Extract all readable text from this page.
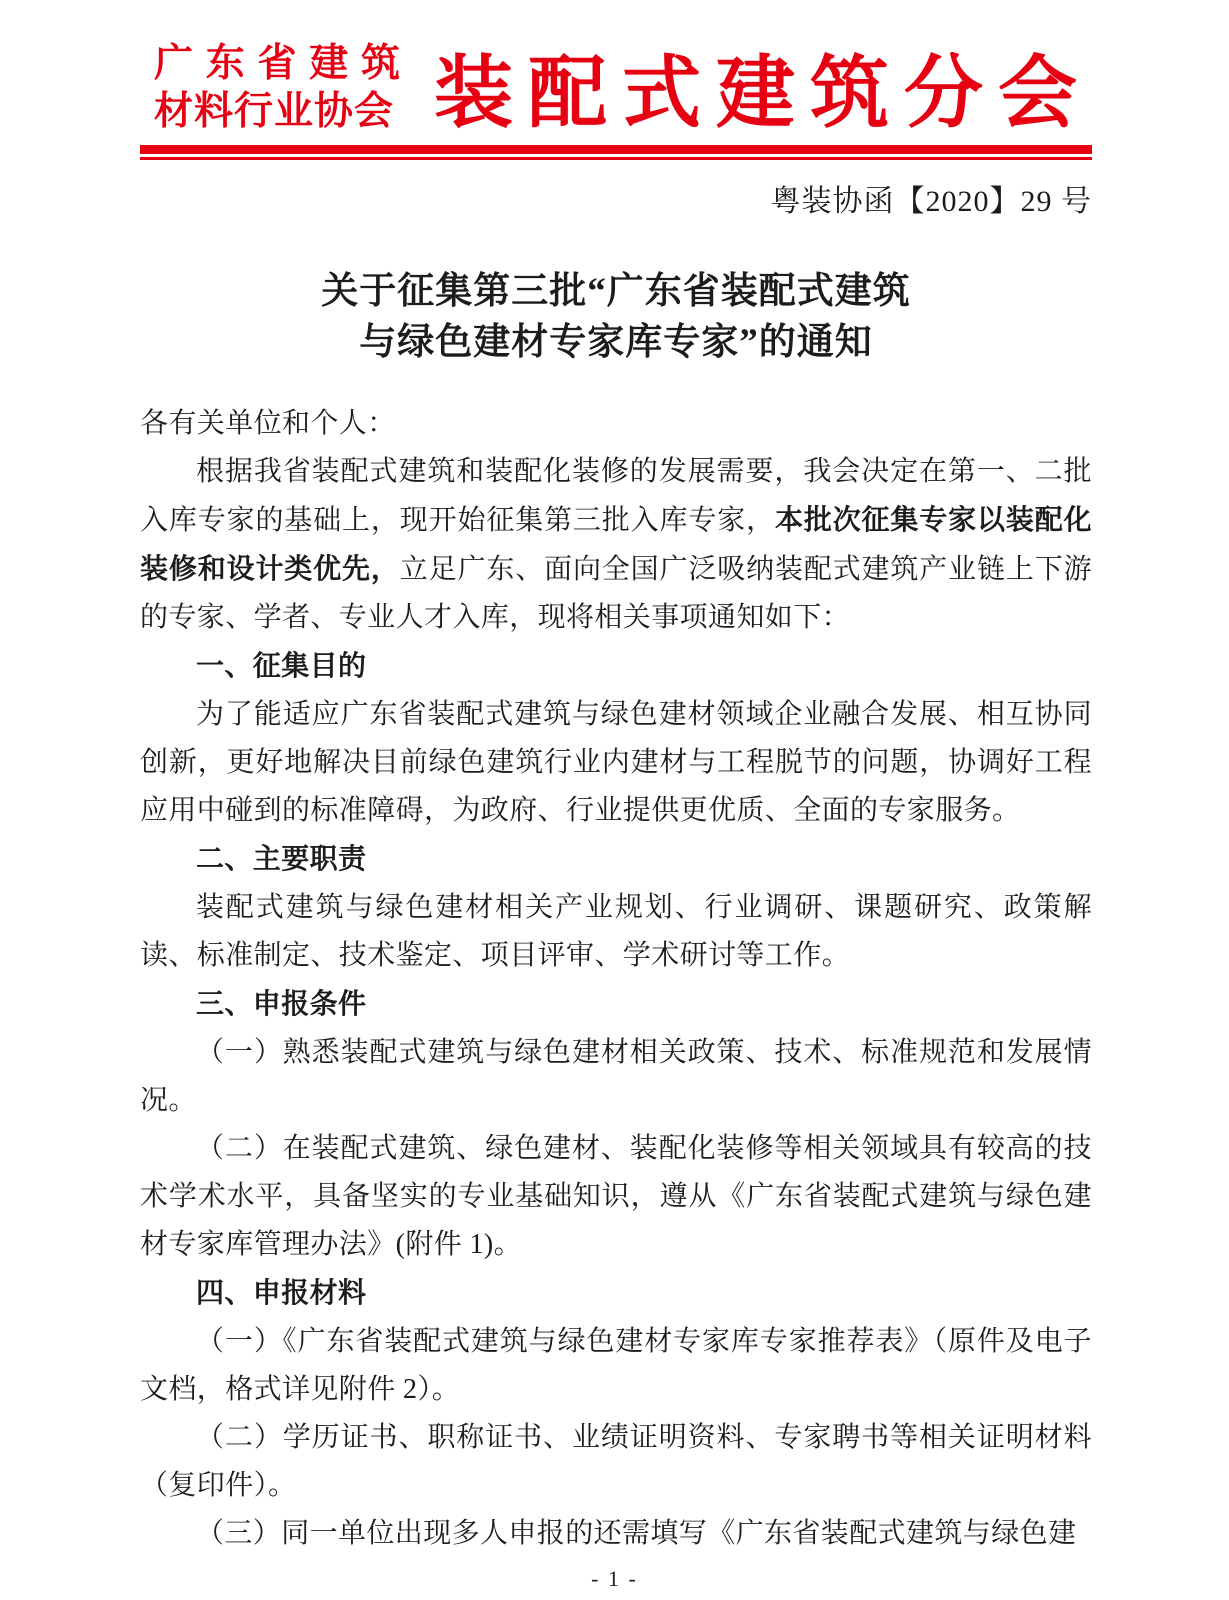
广东省建筑
材料行业协会 装配式建筑分会
粤装协函【2020】29 号
关于征集第三批“广东省装配式建筑
与绿色建材专家库专家”的通知

各有关单位和个人：

根据我省装配式建筑和装配化装修的发展需要，我会决定在第一、二批入库专家的基础上，现开始征集第三批入库专家，本批次征集专家以装配化装修和设计类优先，立足广东、面向全国广泛吸纳装配式建筑产业链上下游的专家、学者、专业人才入库，现将相关事项通知如下：

一、征集目的

为了能适应广东省装配式建筑与绿色建材领域企业融合发展、相互协同创新，更好地解决目前绿色建筑行业内建材与工程脱节的问题，协调好工程应用中碰到的标准障碍，为政府、行业提供更优质、全面的专家服务。

二、主要职责

装配式建筑与绿色建材相关产业规划、行业调研、课题研究、政策解读、标准制定、技术鉴定、项目评审、学术研讨等工作。

三、申报条件

（一）熟悉装配式建筑与绿色建材相关政策、技术、标准规范和发展情况。

（二）在装配式建筑、绿色建材、装配化装修等相关领域具有较高的技术学术水平，具备坚实的专业基础知识，遵从《广东省装配式建筑与绿色建材专家库管理办法》(附件 1)。

四、申报材料

（一）《广东省装配式建筑与绿色建材专家库专家推荐表》（原件及电子文档，格式详见附件 2）。

（二）学历证书、职称证书、业绩证明资料、专家聘书等相关证明材料（复印件）。

（三）同一单位出现多人申报的还需填写《广东省装配式建筑与绿色建

- 1 -
